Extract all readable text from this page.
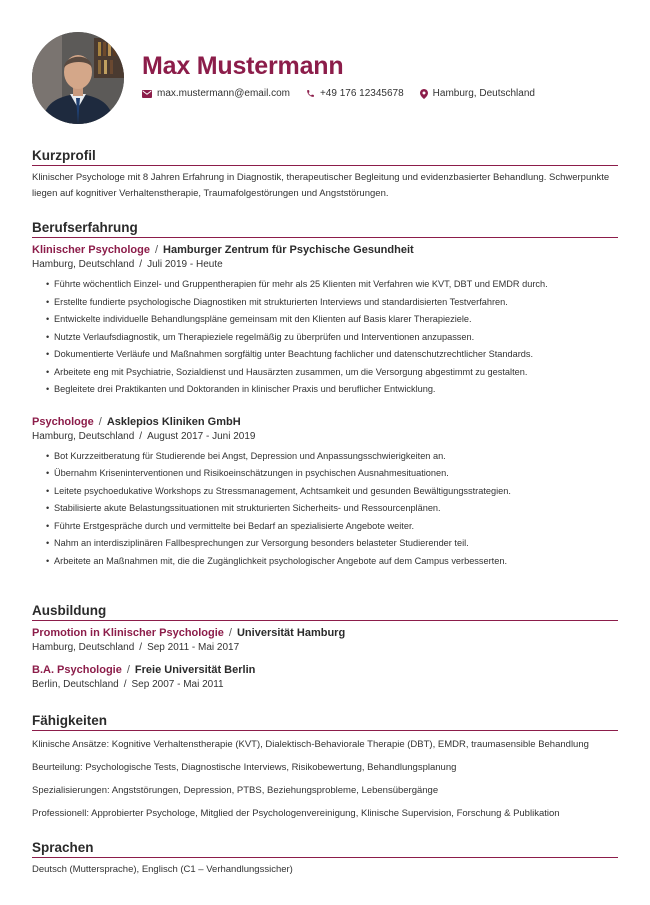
Max Mustermann
max.mustermann@email.com	+49 176 12345678	Hamburg, Deutschland
Kurzprofil

Klinischer Psychologe mit 8 Jahren Erfahrung in Diagnostik, therapeutischer Begleitung und evidenzbasierter Behandlung. Schwerpunkte liegen auf kognitiver Verhaltenstherapie, Traumafolgestörungen und Angststörungen.

Berufserfahrung
Klinischer Psychologe / Hamburger Zentrum für Psychische Gesundheit
Hamburg, Deutschland / Juli 2019 - Heute
• Führte wöchentlich Einzel- und Gruppentherapien für mehr als 25 Klienten mit Verfahren wie KVT, DBT und EMDR durch.
• Erstellte fundierte psychologische Diagnostiken mit strukturierten Interviews und standardisierten Testverfahren.
• Entwickelte individuelle Behandlungspläne gemeinsam mit den Klienten auf Basis klarer Therapieziele.
• Nutzte Verlaufsdiagnostik, um Therapieziele regelmäßig zu überprüfen und Interventionen anzupassen.
• Dokumentierte Verläufe und Maßnahmen sorgfältig unter Beachtung fachlicher und datenschutzrechtlicher Standards.
• Arbeitete eng mit Psychiatrie, Sozialdienst und Hausärzten zusammen, um die Versorgung abgestimmt zu gestalten.
• Begleitete drei Praktikanten und Doktoranden in klinischer Praxis und beruflicher Entwicklung.
Psychologe / Asklepios Kliniken GmbH
Hamburg, Deutschland / August 2017 - Juni 2019
• Bot Kurzzeitberatung für Studierende bei Angst, Depression und Anpassungsschwierigkeiten an.
• Übernahm Kriseninterventionen und Risikoeinschätzungen in psychischen Ausnahmesituationen.
• Leitete psychoedukative Workshops zu Stressmanagement, Achtsamkeit und gesunden Bewältigungsstrategien.
• Stabilisierte akute Belastungssituationen mit strukturierten Sicherheits- und Ressourcenplänen.
• Führte Erstgespräche durch und vermittelte bei Bedarf an spezialisierte Angebote weiter.
• Nahm an interdisziplinären Fallbesprechungen zur Versorgung besonders belasteter Studierender teil.
• Arbeitete an Maßnahmen mit, die die Zugänglichkeit psychologischer Angebote auf dem Campus verbesserten.
Ausbildung
Promotion in Klinischer Psychologie / Universität Hamburg
Hamburg, Deutschland / Sep 2011 - Mai 2017
B.A. Psychologie / Freie Universität Berlin
Berlin, Deutschland / Sep 2007 - Mai 2011
Fähigkeiten

Klinische Ansätze: Kognitive Verhaltenstherapie (KVT), Dialektisch-Behaviorale Therapie (DBT), EMDR, traumasensible Behandlung

Beurteilung: Psychologische Tests, Diagnostische Interviews, Risikobewertung, Behandlungsplanung

Spezialisierungen: Angststörungen, Depression, PTBS, Beziehungsprobleme, Lebensübergänge

Professionell: Approbierter Psychologe, Mitglied der Psychologenvereinigung, Klinische Supervision, Forschung & Publikation

Sprachen

Deutsch (Muttersprache), Englisch (C1 – Verhandlungssicher)
